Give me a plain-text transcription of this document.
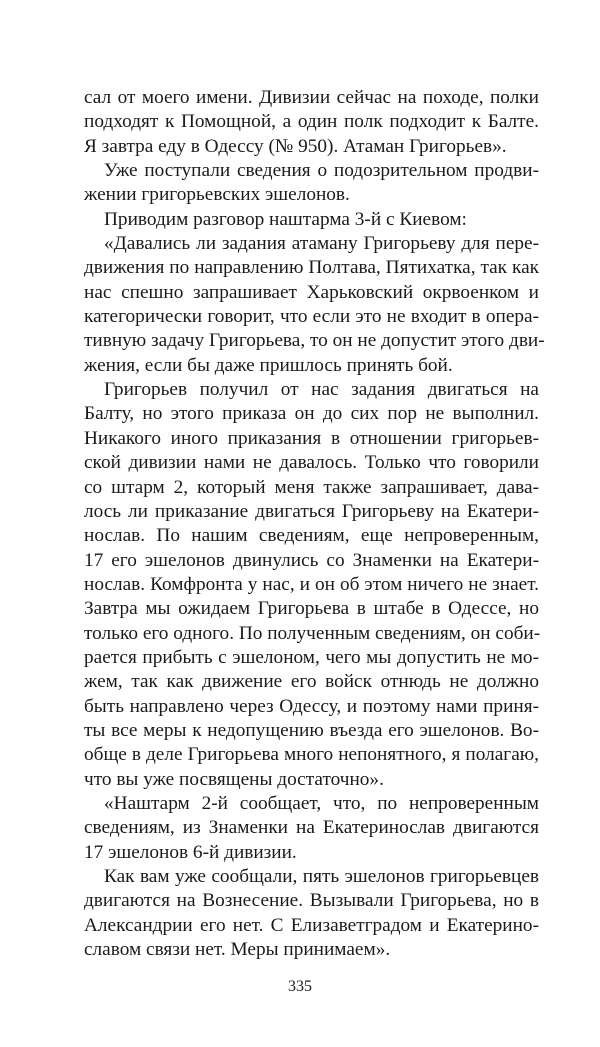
сал от моего имени. Дивизии сейчас на походе, полки
подходят к Помощной, а один полк подходит к Балте.
Я завтра еду в Одессу (№ 950). Атаман Григорьев».
Уже поступали сведения о подозрительном продви-
жении григорьевских эшелонов.
Приводим разговор наштарма 3-й с Киевом:
«Давались ли задания атаману Григорьеву для пере-
движения по направлению Полтава, Пятихатка, так как
нас спешно запрашивает Харьковский окрвоенком и
категорически говорит, что если это не входит в опера-
тивную задачу Григорьева, то он не допустит этого дви-
жения, если бы даже пришлось принять бой.
Григорьев получил от нас задания двигаться на
Балту, но этого приказа он до сих пор не выполнил.
Никакого иного приказания в отношении григорьев-
ской дивизии нами не давалось. Только что говорили
со штарм 2, который меня также запрашивает, дава-
лось ли приказание двигаться Григорьеву на Екатери-
нослав. По нашим сведениям, еще непроверенным,
17 его эшелонов двинулись со Знаменки на Екатери-
нослав. Комфронта у нас, и он об этом ничего не знает.
Завтра мы ожидаем Григорьева в штабе в Одессе, но
только его одного. По полученным сведениям, он соби-
рается прибыть с эшелоном, чего мы допустить не мо-
жем, так как движение его войск отнюдь не должно
быть направлено через Одессу, и поэтому нами приня-
ты все меры к недопущению въезда его эшелонов. Во-
обще в деле Григорьева много непонятного, я полагаю,
что вы уже посвящены достаточно».
«Наштарм 2-й сообщает, что, по непроверенным
сведениям, из Знаменки на Екатеринослав двигаются
17 эшелонов 6-й дивизии.
Как вам уже сообщали, пять эшелонов григорьевцев
двигаются на Вознесение. Вызывали Григорьева, но в
Александрии его нет. С Елизаветградом и Екатерино-
славом связи нет. Меры принимаем».
335
